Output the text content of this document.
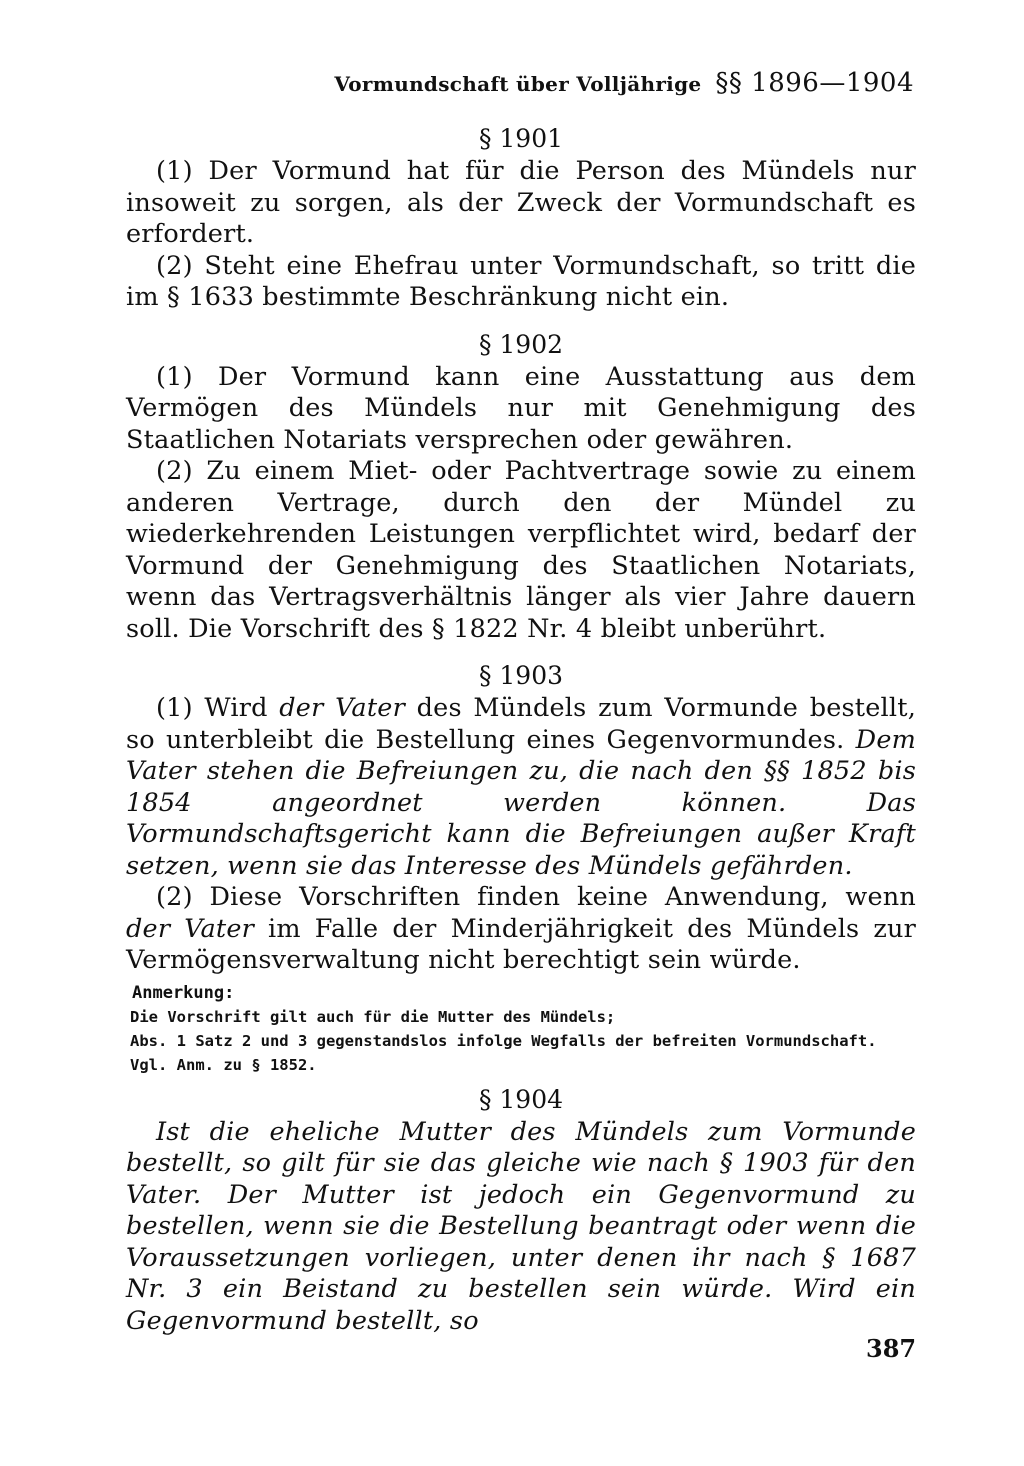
Vormundschaft über Volljährige §§ 1896—1904

§ 1901

(1) Der Vormund hat für die Person des Mündels nur insoweit zu sorgen, als der Zweck der Vormundschaft es erfordert.

(2) Steht eine Ehefrau unter Vormundschaft, so tritt die im § 1633 bestimmte Beschränkung nicht ein.

§ 1902

(1) Der Vormund kann eine Ausstattung aus dem Vermögen des Mündels nur mit Genehmigung des Staatlichen Notariats versprechen oder gewähren.

(2) Zu einem Miet- oder Pachtvertrage sowie zu einem anderen Vertrage, durch den der Mündel zu wiederkehrenden Leistungen verpflichtet wird, bedarf der Vormund der Genehmigung des Staatlichen Notariats, wenn das Vertragsverhältnis länger als vier Jahre dauern soll. Die Vorschrift des § 1822 Nr. 4 bleibt unberührt.

§ 1903

(1) Wird der Vater des Mündels zum Vormunde bestellt, so unterbleibt die Bestellung eines Gegenvormundes. Dem Vater stehen die Befreiungen zu, die nach den §§ 1852 bis 1854 angeordnet werden können. Das Vormundschaftsgericht kann die Befreiungen außer Kraft setzen, wenn sie das Interesse des Mündels gefährden.

(2) Diese Vorschriften finden keine Anwendung, wenn der Vater im Falle der Minderjährigkeit des Mündels zur Vermögensverwaltung nicht berechtigt sein würde.

Anmerkung:

Die Vorschrift gilt auch für die Mutter des Mündels;

Abs. 1 Satz 2 und 3 gegenstandslos infolge Wegfalls der befreiten Vormundschaft. Vgl. Anm. zu § 1852.

§ 1904

Ist die eheliche Mutter des Mündels zum Vormunde bestellt, so gilt für sie das gleiche wie nach § 1903 für den Vater. Der Mutter ist jedoch ein Gegenvormund zu bestellen, wenn sie die Bestellung beantragt oder wenn die Voraussetzungen vorliegen, unter denen ihr nach § 1687 Nr. 3 ein Beistand zu bestellen sein würde. Wird ein Gegenvormund bestellt, so

387
